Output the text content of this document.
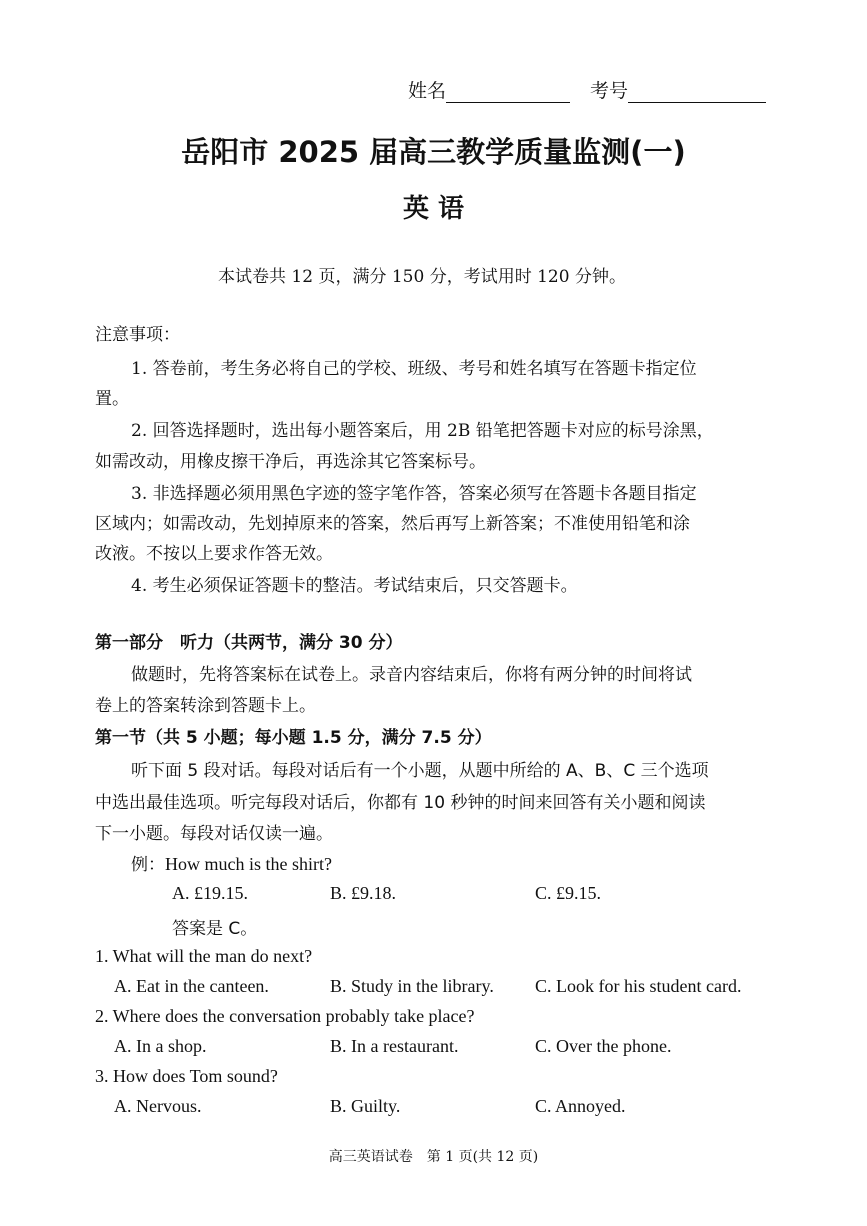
姓名	考号
岳阳市 2025 届高三教学质量监测(一)
英 语
本试卷共 12 页，满分 150 分，考试用时 120 分钟。
注意事项：
1. 答卷前，考生务必将自己的学校、班级、考号和姓名填写在答题卡指定位
置。
2. 回答选择题时，选出每小题答案后，用 2B 铅笔把答题卡对应的标号涂黑，
如需改动，用橡皮擦干净后，再选涂其它答案标号。
3. 非选择题必须用黑色字迹的签字笔作答，答案必须写在答题卡各题目指定
区域内；如需改动，先划掉原来的答案，然后再写上新答案；不准使用铅笔和涂
改液。不按以上要求作答无效。
4. 考生必须保证答题卡的整洁。考试结束后，只交答题卡。
第一部分　听力（共两节，满分 30 分）
做题时，先将答案标在试卷上。录音内容结束后，你将有两分钟的时间将试
卷上的答案转涂到答题卡上。
第一节（共 5 小题；每小题 1.5 分，满分 7.5 分）
听下面 5 段对话。每段对话后有一个小题，从题中所给的 A、B、C 三个选项
中选出最佳选项。听完每段对话后，你都有 10 秒钟的时间来回答有关小题和阅读
下一小题。每段对话仅读一遍。
例：How much is the shirt?
A. £19.15.	B. £9.18.	C. £9.15.
答案是 C。
1. What will the man do next?
A. Eat in the canteen.	B. Study in the library. C. Look for his student card.
2. Where does the conversation probably take place?
A. In a shop.	B. In a restaurant.	C. Over the phone.
3. How does Tom sound?
A. Nervous.	B. Guilty.	C. Annoyed.
高三英语试卷　第 1 页(共 12 页)
